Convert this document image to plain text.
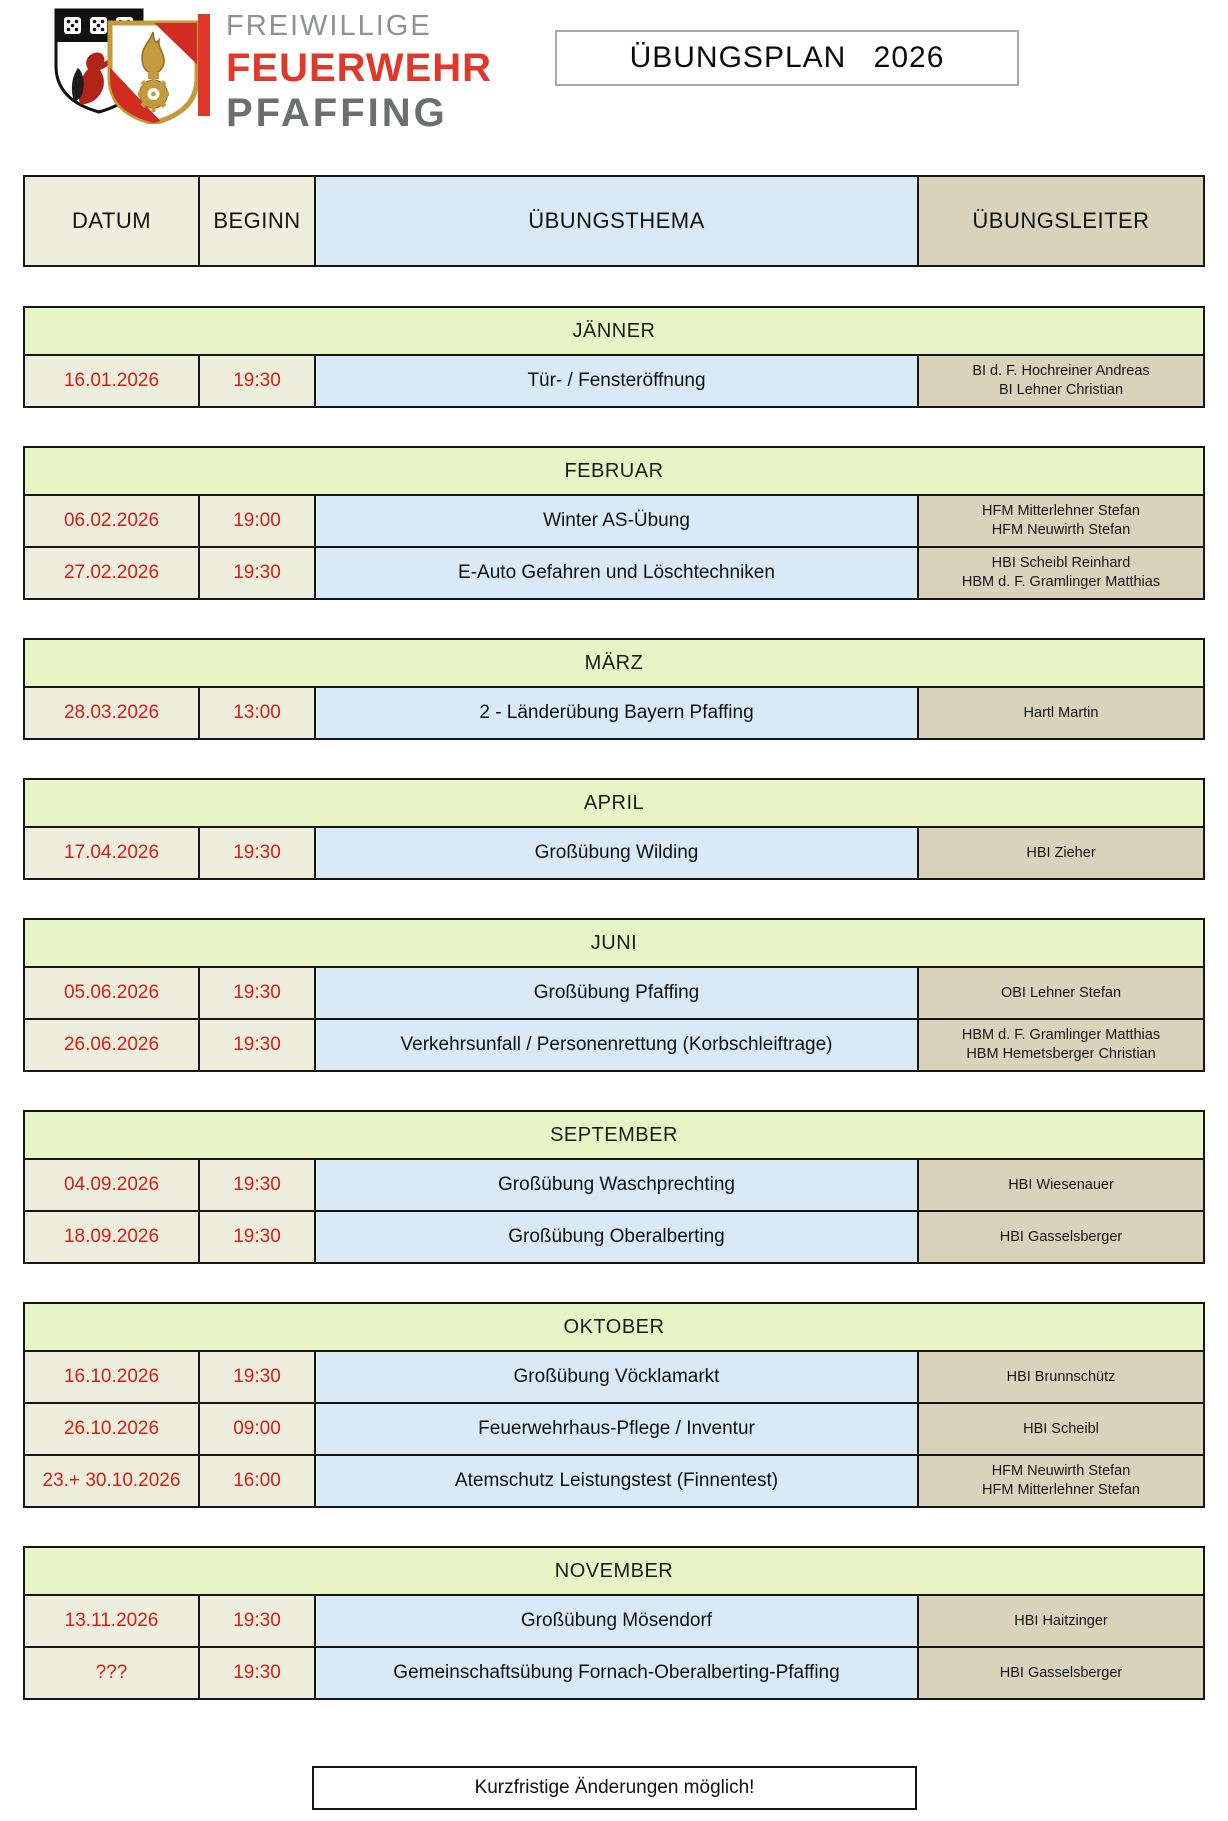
FREIWILLIGE
FEUERWEHR
PFAFFING
ÜBUNGSPLAN 2026
DATUM	BEGINN	ÜBUNGSTHEMA	ÜBUNGSLEITER
JÄNNER
16.01.2026	19:30	Tür- / Fensteröffnung	BI d. F. Hochreiner Andreas
BI Lehner Christian
FEBRUAR
06.02.2026	19:00	Winter AS-Übung	HFM Mitterlehner Stefan
HFM Neuwirth Stefan
27.02.2026	19:30	E-Auto Gefahren und Löschtechniken	HBI Scheibl Reinhard
HBM d. F. Gramlinger Matthias
MÄRZ
28.03.2026	13:00	2 - Länderübung Bayern Pfaffing	Hartl Martin
APRIL
17.04.2026	19:30	Großübung Wilding	HBI Zieher
JUNI
05.06.2026	19:30	Großübung Pfaffing	OBI Lehner Stefan
26.06.2026	19:30	Verkehrsunfall / Personenrettung (Korbschleiftrage)	HBM d. F. Gramlinger Matthias
HBM Hemetsberger Christian
SEPTEMBER
04.09.2026	19:30	Großübung Waschprechting	HBI Wiesenauer
18.09.2026	19:30	Großübung Oberalberting	HBI Gasselsberger
OKTOBER
16.10.2026	19:30	Großübung Vöcklamarkt	HBI Brunnschütz
26.10.2026	09:00	Feuerwehrhaus-Pflege / Inventur	HBI Scheibl
23.+ 30.10.2026	16:00	Atemschutz Leistungstest (Finnentest)	HFM Neuwirth Stefan
HFM Mitterlehner Stefan
NOVEMBER
13.11.2026	19:30	Großübung Mösendorf	HBI Haitzinger
???	19:30	Gemeinschaftsübung Fornach-Oberalberting-Pfaffing	HBI Gasselsberger
Kurzfristige Änderungen möglich!
